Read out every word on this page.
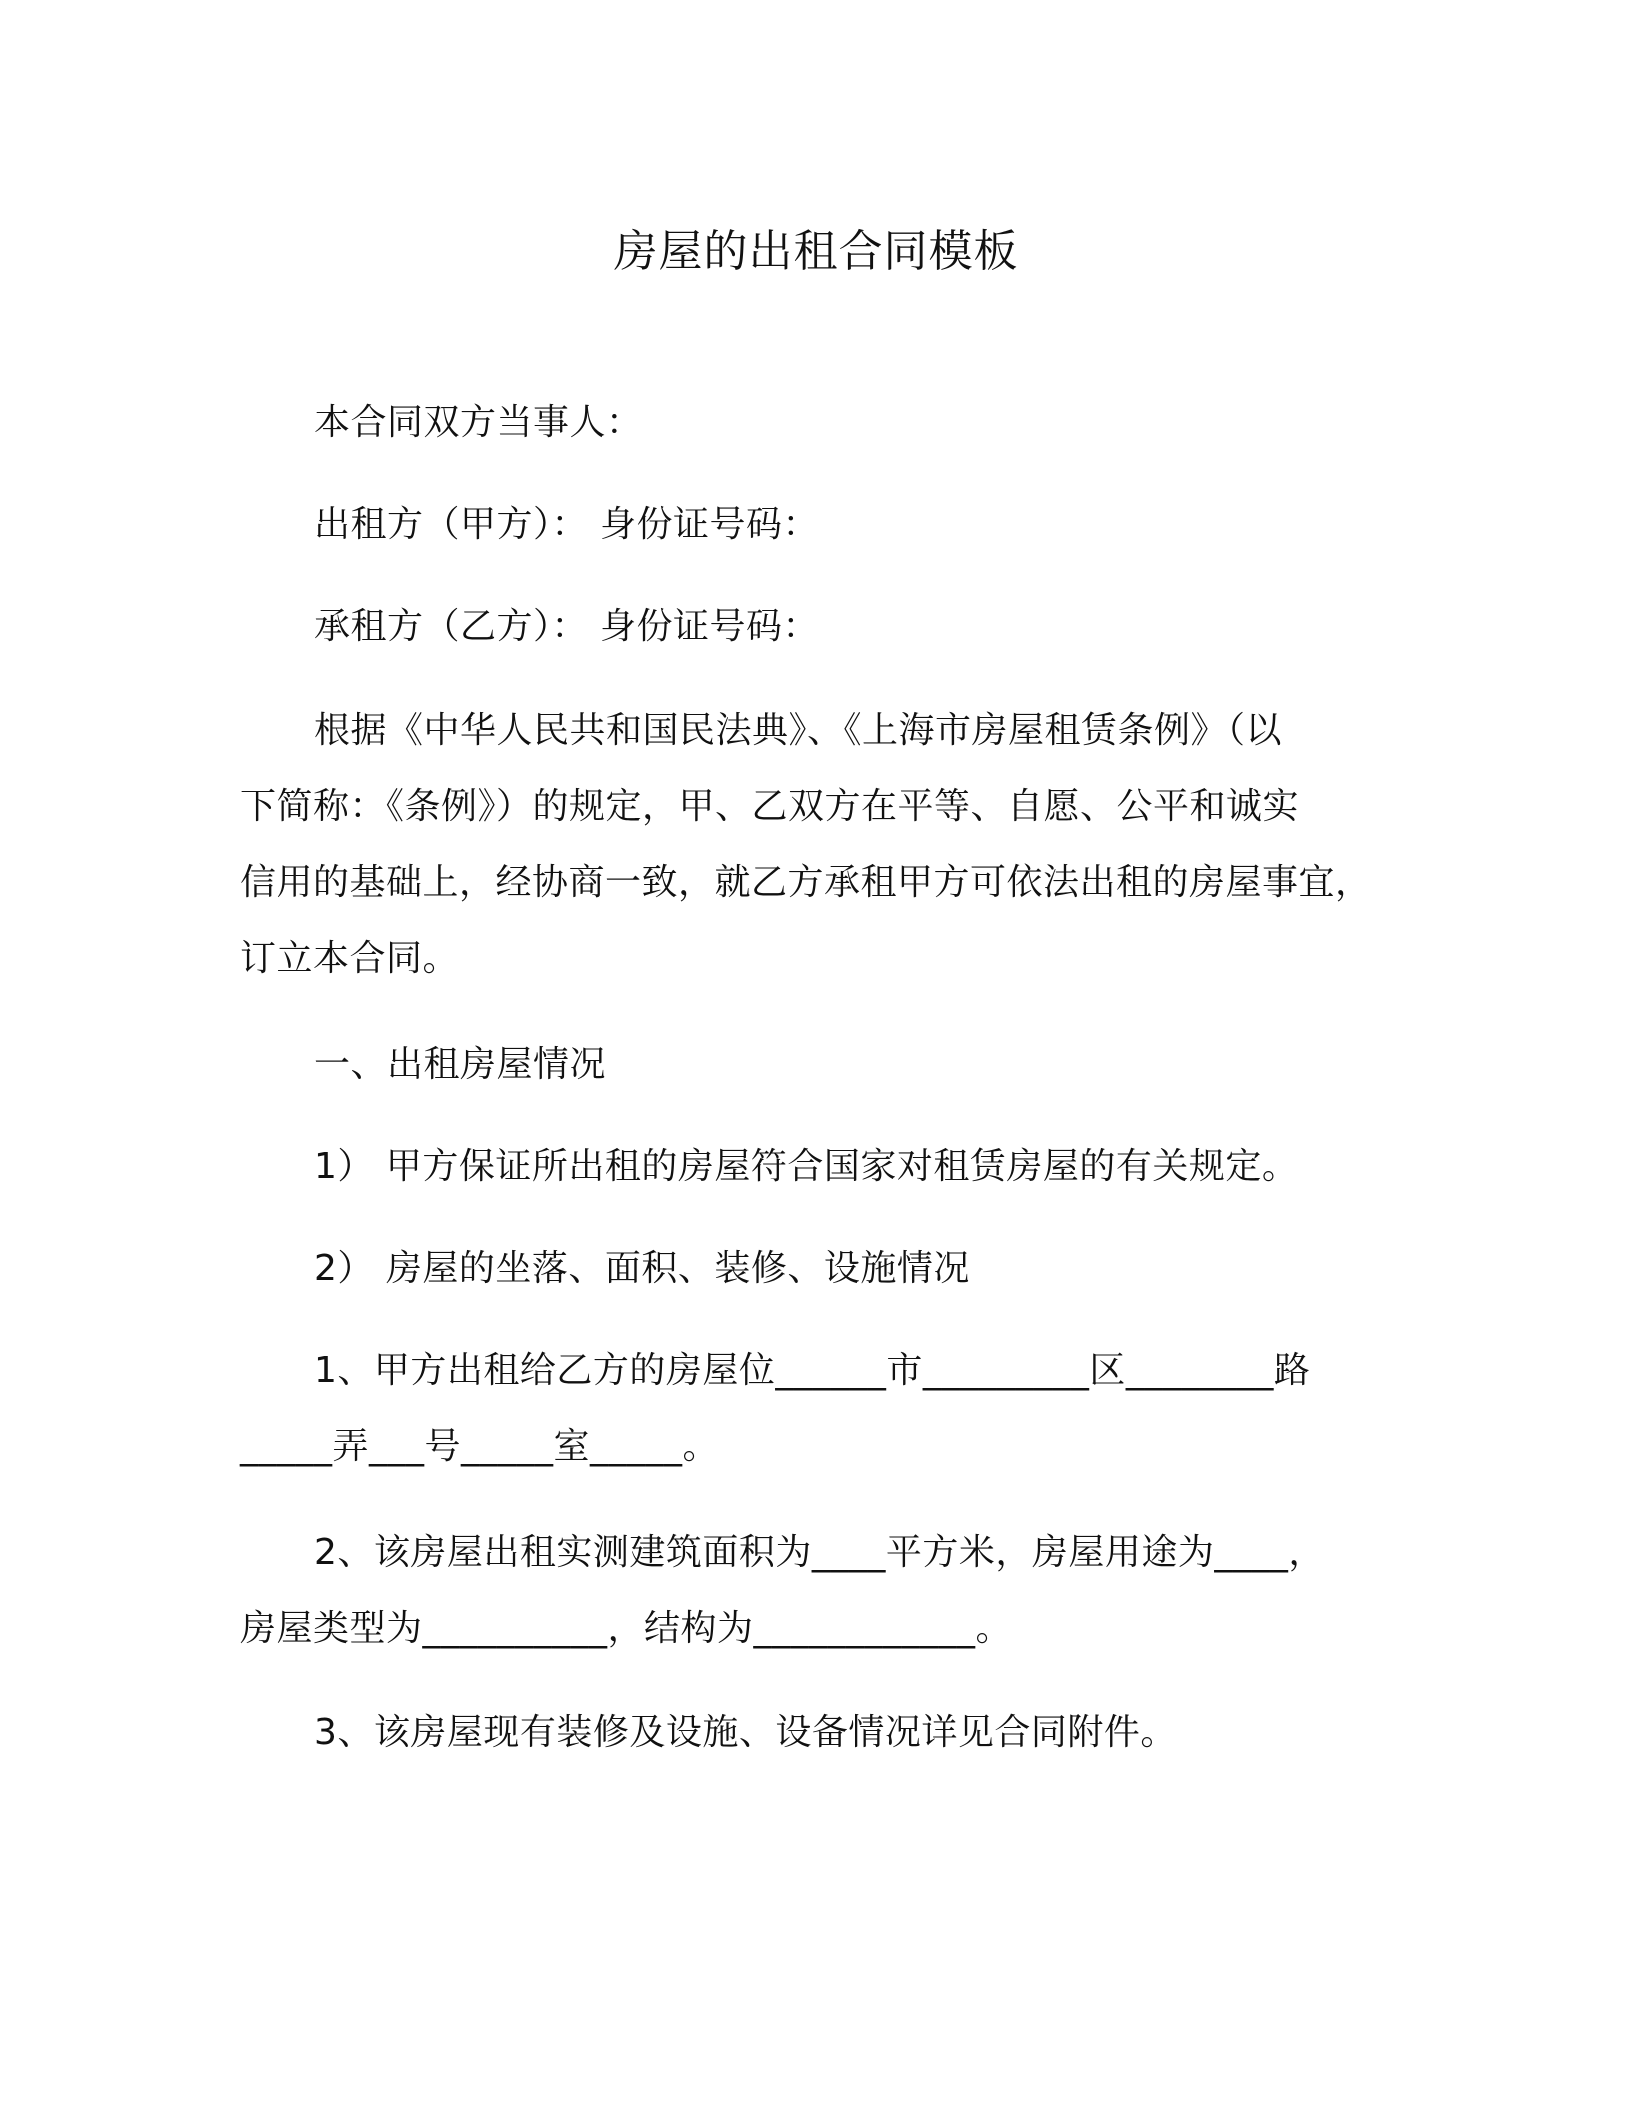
房屋的出租合同模板
本合同双方当事人：
出租方（甲方）： 身份证号码：
承租方（乙方）： 身份证号码：
根据《中华人民共和国民法典》、《上海市房屋租赁条例》（以
下简称：《条例》）的规定，甲、乙双方在平等、自愿、公平和诚实
信用的基础上，经协商一致，就乙方承租甲方可依法出租的房屋事宜，
订立本合同。
一、出租房屋情况
1） 甲方保证所出租的房屋符合国家对租赁房屋的有关规定。
2） 房屋的坐落、面积、装修、设施情况
1、甲方出租给乙方的房屋位______市_________区________路
_____弄___号_____室_____。
2、该房屋出租实测建筑面积为____平方米，房屋用途为____，
房屋类型为__________，结构为____________。
3、该房屋现有装修及设施、设备情况详见合同附件。
